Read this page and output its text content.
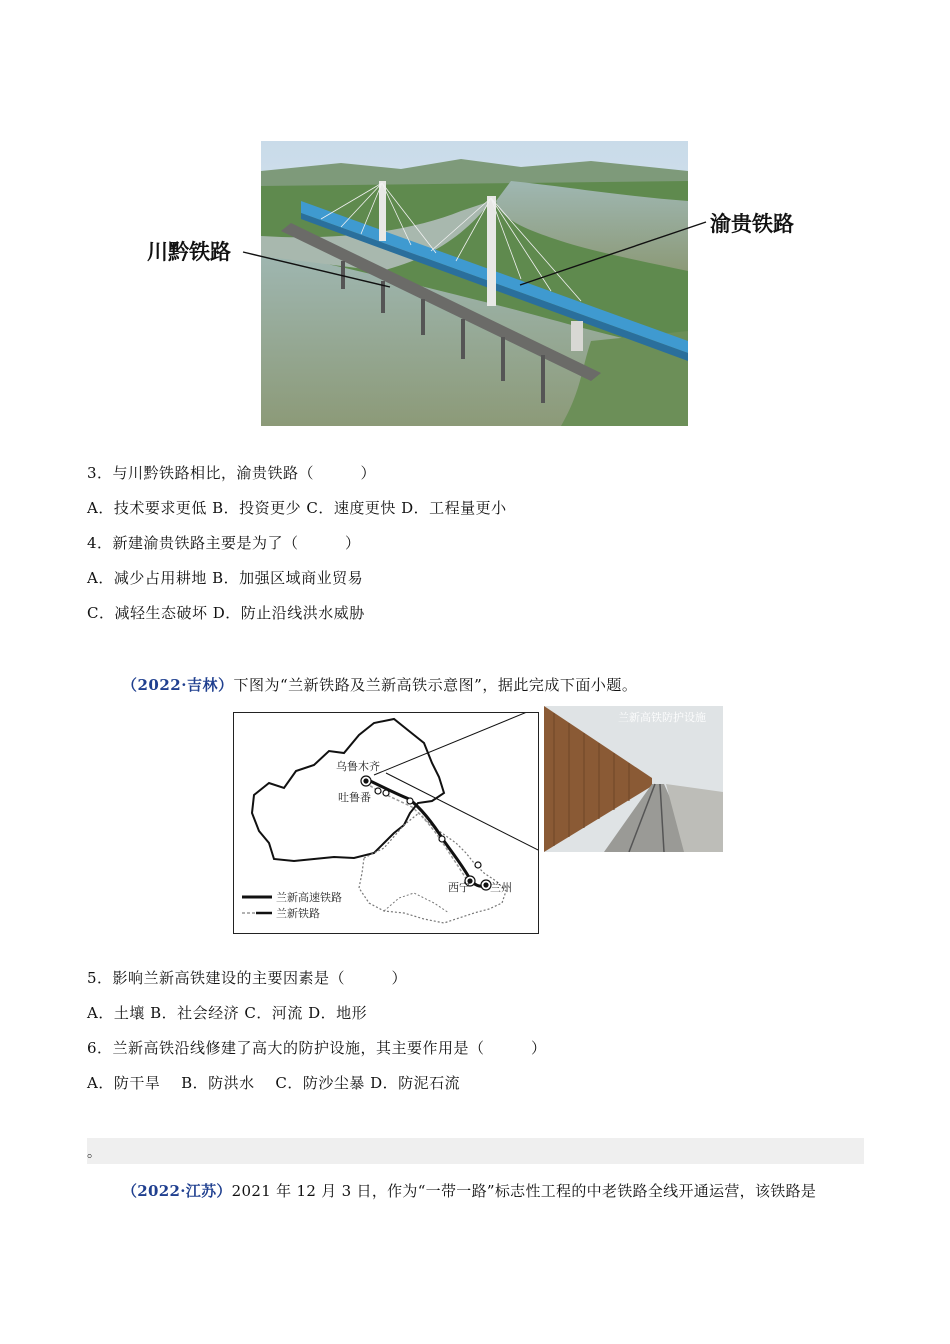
川黔铁路
渝贵铁路
3．与川黔铁路相比，渝贵铁路（　　　）
A．技术要求更低 B．投资更少 C．速度更快 D．工程量更小
4．新建渝贵铁路主要是为了（　　　）
A．减少占用耕地 B．加强区域商业贸易
C．减轻生态破坏 D．防止沿线洪水威胁
（2022·吉林）下图为“兰新铁路及兰新高铁示意图”，据此完成下面小题。
乌鲁木齐
吐鲁番
西宁 兰州
兰新高速铁路
兰新铁路
兰新高铁防护设施
5．影响兰新高铁建设的主要因素是（　　　）
A．土壤 B．社会经济 C．河流 D．地形
6．兰新高铁沿线修建了高大的防护设施，其主要作用是（　　　）
A．防干旱　 B．防洪水　 C．防沙尘暴 D．防泥石流
。
（2022·江苏）2021 年 12 月 3 日，作为“一带一路”标志性工程的中老铁路全线开通运营，该铁路是
